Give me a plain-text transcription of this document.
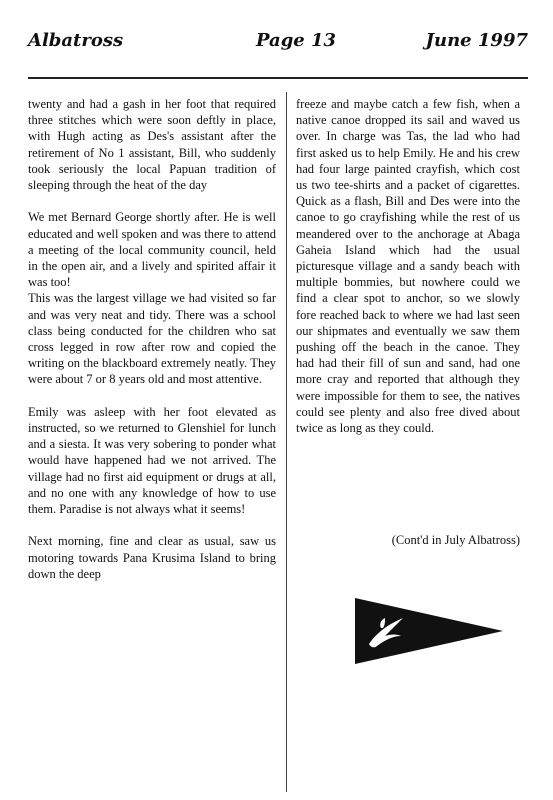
Albatross	Page 13	June 1997

twenty and had a gash in her foot that required three stitches which were soon deftly in place, with Hugh acting as Des's assistant after the retirement of No 1 assistant, Bill, who suddenly took seriously the local Papuan tradition of sleeping through the heat of the day

We met Bernard George shortly after. He is well educated and well spoken and was there to attend a meeting of the local community council, held in the open air, and a lively and spirited affair it was too!

This was the largest village we had visited so far and was very neat and tidy. There was a school class being conducted for the children who sat cross legged in row after row and copied the writing on the blackboard extremely neatly. They were about 7 or 8 years old and most attentive.

Emily was asleep with her foot elevated as instructed, so we returned to Glenshiel for lunch and a siesta. It was very sobering to ponder what would have happened had we not arrived. The village had no first aid equipment or drugs at all, and no one with any knowledge of how to use them. Paradise is not always what it seems!

Next morning, fine and clear as usual, saw us motoring towards Pana Krusima Island to bring down the deep

freeze and maybe catch a few fish, when a native canoe dropped its sail and waved us over. In charge was Tas, the lad who had first asked us to help Emily. He and his crew had four large painted crayfish, which cost us two tee-shirts and a packet of cigarettes. Quick as a flash, Bill and Des were into the canoe to go crayfishing while the rest of us meandered over to the anchorage at Abaga Gaheia Island which had the usual picturesque village and a sandy beach with multiple bommies, but nowhere could we find a clear spot to anchor, so we slowly fore reached back to where we had last seen our shipmates and eventually we saw them pushing off the beach in the canoe. They had had their fill of sun and sand, had one more cray and reported that although they were impossible for them to see, the natives could see plenty and also free dived about twice as long as they could.

(Cont'd in July Albatross)
